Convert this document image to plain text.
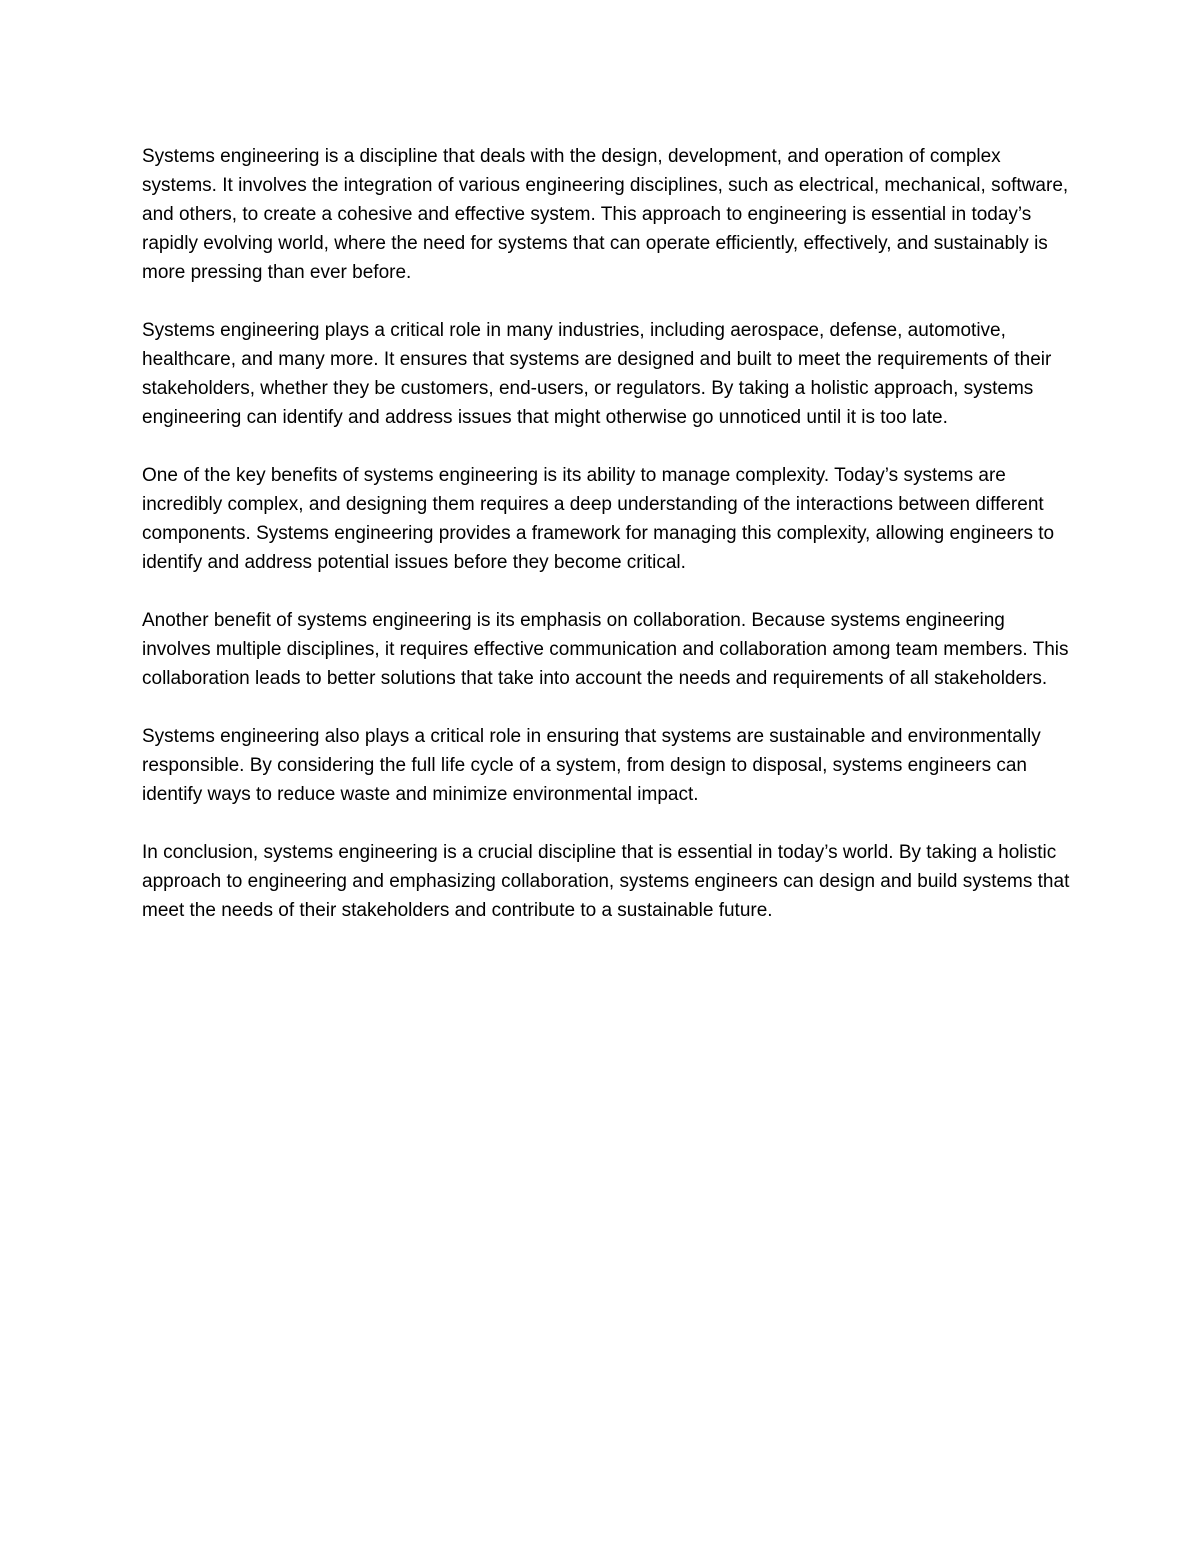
Systems engineering is a discipline that deals with the design, development, and operation of complex systems. It involves the integration of various engineering disciplines, such as electrical, mechanical, software, and others, to create a cohesive and effective system. This approach to engineering is essential in today’s rapidly evolving world, where the need for systems that can operate efficiently, effectively, and sustainably is more pressing than ever before.

Systems engineering plays a critical role in many industries, including aerospace, defense, automotive, healthcare, and many more. It ensures that systems are designed and built to meet the requirements of their stakeholders, whether they be customers, end-users, or regulators. By taking a holistic approach, systems engineering can identify and address issues that might otherwise go unnoticed until it is too late.

One of the key benefits of systems engineering is its ability to manage complexity. Today’s systems are incredibly complex, and designing them requires a deep understanding of the interactions between different components. Systems engineering provides a framework for managing this complexity, allowing engineers to identify and address potential issues before they become critical.

Another benefit of systems engineering is its emphasis on collaboration. Because systems engineering involves multiple disciplines, it requires effective communication and collaboration among team members. This collaboration leads to better solutions that take into account the needs and requirements of all stakeholders.

Systems engineering also plays a critical role in ensuring that systems are sustainable and environmentally responsible. By considering the full life cycle of a system, from design to disposal, systems engineers can identify ways to reduce waste and minimize environmental impact.

In conclusion, systems engineering is a crucial discipline that is essential in today’s world. By taking a holistic approach to engineering and emphasizing collaboration, systems engineers can design and build systems that meet the needs of their stakeholders and contribute to a sustainable future.
